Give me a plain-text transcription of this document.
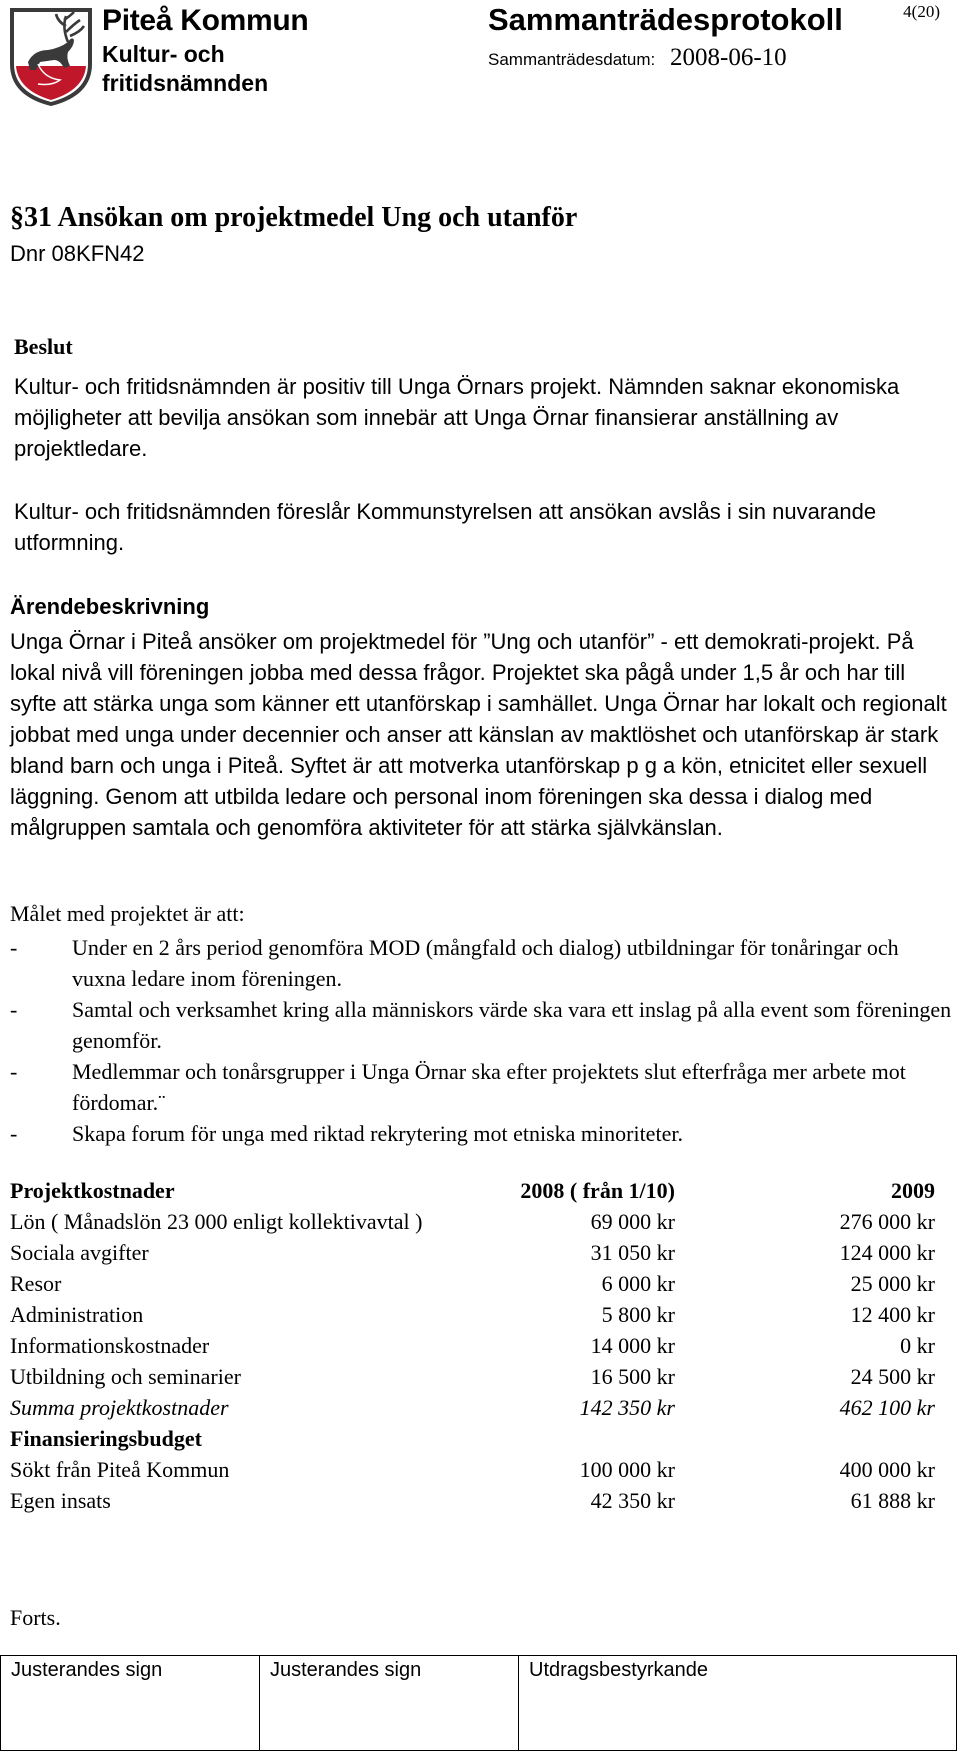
Piteå Kommun
Kultur- och fritidsnämnden
Sammanträdesprotokoll	4(20)
Sammanträdesdatum: 2008-06-10
§31 Ansökan om projektmedel Ung och utanför
Dnr 08KFN42
Beslut
Kultur- och fritidsnämnden är positiv till Unga Örnars projekt. Nämnden saknar ekonomiska möjligheter att bevilja ansökan som innebär att Unga Örnar finansierar anställning av projektledare.
Kultur- och fritidsnämnden föreslår Kommunstyrelsen att ansökan avslås i sin nuvarande utformning.
Ärendebeskrivning
Unga Örnar i Piteå ansöker om projektmedel för ”Ung och utanför” - ett demokrati-projekt. På lokal nivå vill föreningen jobba med dessa frågor. Projektet ska pågå under 1,5 år och har till syfte att stärka unga som känner ett utanförskap i samhället. Unga Örnar har lokalt och regionalt jobbat med unga under decennier och anser att känslan av maktlöshet och utanförskap är stark bland barn och unga i Piteå. Syftet är att motverka utanförskap p g a kön, etnicitet eller sexuell läggning. Genom att utbilda ledare och personal inom föreningen ska dessa i dialog med målgruppen samtala och genomföra aktiviteter för att stärka självkänslan.
Målet med projektet är att:
- Under en 2 års period genomföra MOD (mångfald och dialog) utbildningar för tonåringar och vuxna ledare inom föreningen.
- Samtal och verksamhet kring alla människors värde ska vara ett inslag på alla event som föreningen genomför.
- Medlemmar och tonårsgrupper i Unga Örnar ska efter projektets slut efterfråga mer arbete mot fördomar.¨
- Skapa forum för unga med riktad rekrytering mot etniska minoriteter.
Projektkostnader	2008 ( från 1/10)	2009
Lön ( Månadslön 23 000 enligt kollektivavtal )	69 000 kr	276 000 kr
Sociala avgifter	31 050 kr	124 000 kr
Resor	6 000 kr	25 000 kr
Administration	5 800 kr	12 400 kr
Informationskostnader	14 000 kr	0 kr
Utbildning och seminarier	16 500 kr	24 500 kr
Summa projektkostnader	142 350 kr	462 100 kr
Finansieringsbudget		
Sökt från Piteå Kommun	100 000 kr	400 000 kr
Egen insats	42 350 kr	61 888 kr
Forts.
Justerandes sign	Justerandes sign	Utdragsbestyrkande
